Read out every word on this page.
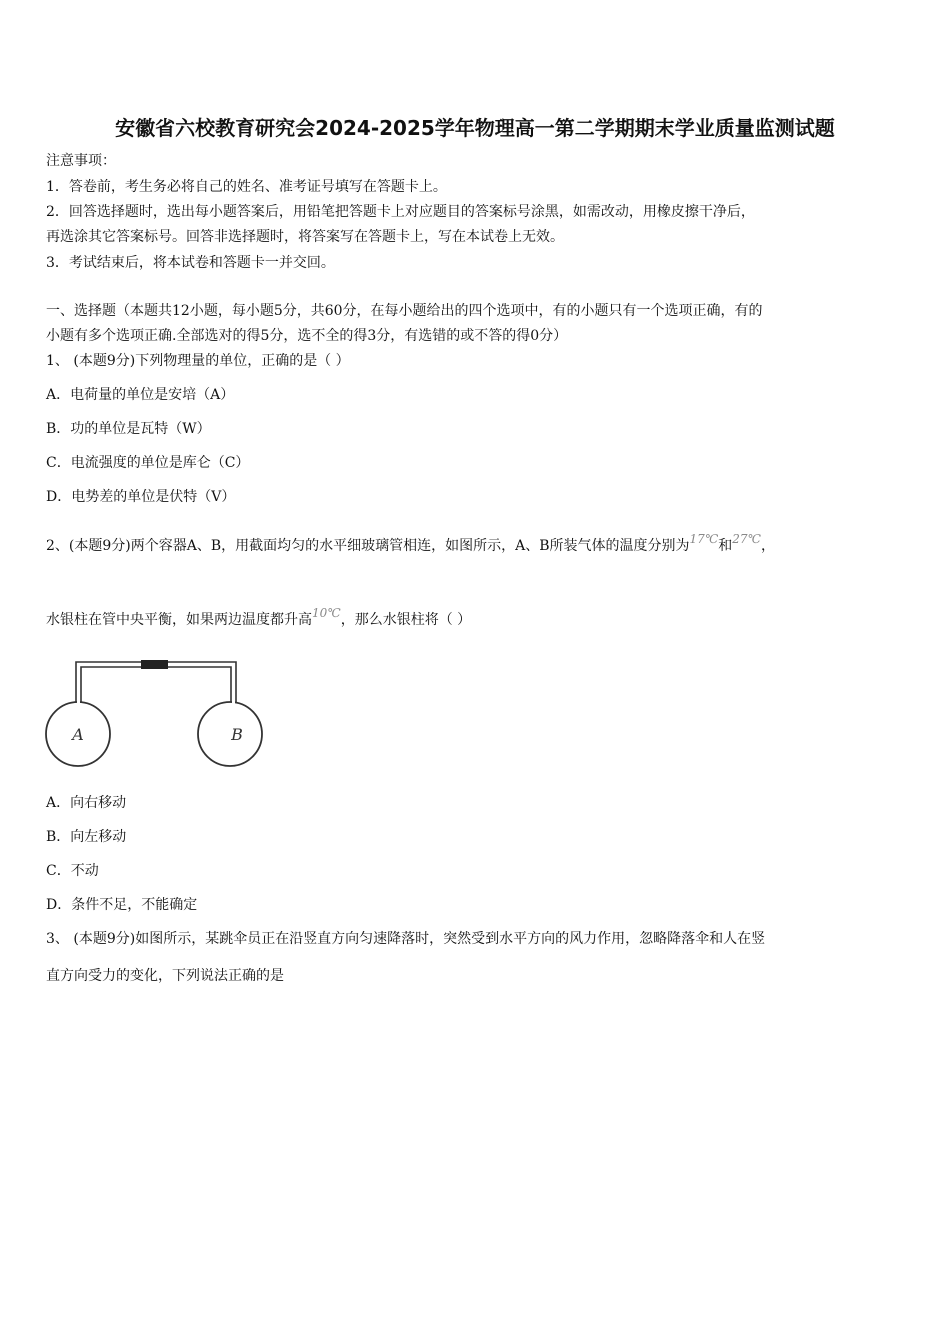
安徽省六校教育研究会2024-2025学年物理高一第二学期期末学业质量监测试题
注意事项：
1．答卷前，考生务必将自己的姓名、准考证号填写在答题卡上。
2．回答选择题时，选出每小题答案后，用铅笔把答题卡上对应题目的答案标号涂黑，如需改动，用橡皮擦干净后，
再选涂其它答案标号。回答非选择题时，将答案写在答题卡上，写在本试卷上无效。
3．考试结束后，将本试卷和答题卡一并交回。
一、选择题（本题共12小题，每小题5分，共60分，在每小题给出的四个选项中，有的小题只有一个选项正确，有的
小题有多个选项正确.全部选对的得5分，选不全的得3分，有选错的或不答的得0分）
1、 (本题9分)下列物理量的单位，正确的是（ ）
A．电荷量的单位是安培（A）
B．功的单位是瓦特（W）
C．电流强度的单位是库仑（C）
D．电势差的单位是伏特（V）
2、(本题9分)两个容器A、B，用截面均匀的水平细玻璃管相连，如图所示，A、B所装气体的温度分别为17℃和27℃，
水银柱在管中央平衡，如果两边温度都升高10℃，那么水银柱将（ ）
A	B
A．向右移动
B．向左移动
C．不动
D．条件不足，不能确定
3、 (本题9分)如图所示，某跳伞员正在沿竖直方向匀速降落时，突然受到水平方向的风力作用，忽略降落伞和人在竖
直方向受力的变化，下列说法正确的是
